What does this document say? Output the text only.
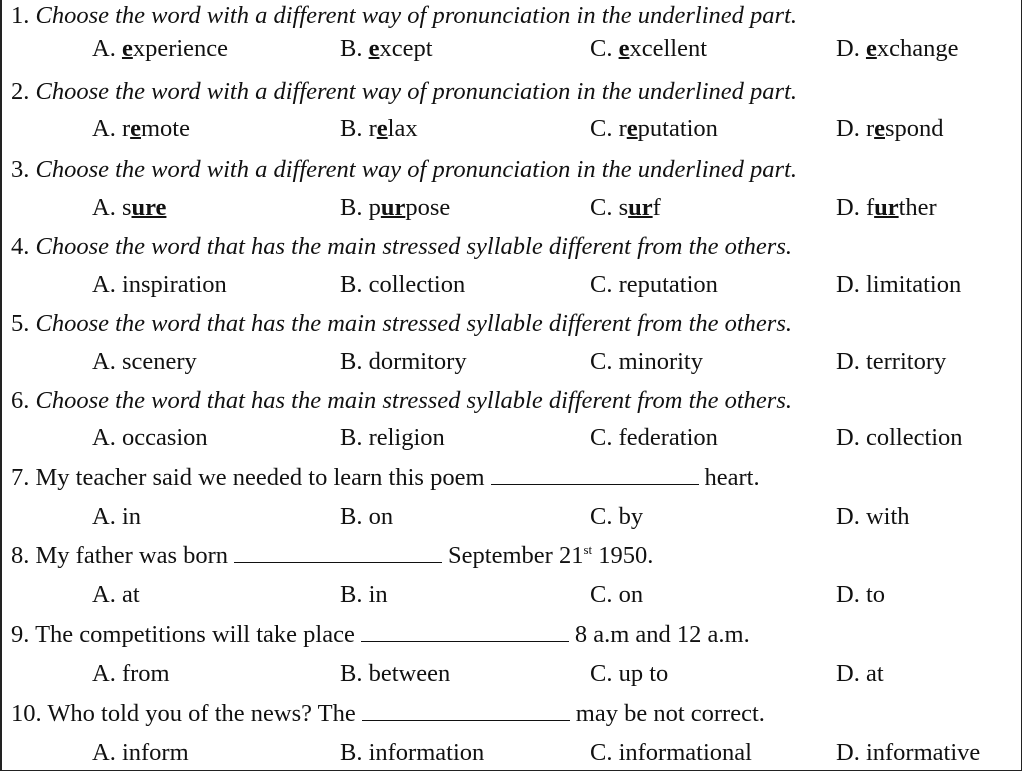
1. Choose the word with a different way of pronunciation in the underlined part.
A. experience	B. except	C. excellent	D. exchange
2. Choose the word with a different way of pronunciation in the underlined part.
A. remote	B. relax	C. reputation	D. respond
3. Choose the word with a different way of pronunciation in the underlined part.
A. sure	B. purpose	C. surf	D. further
4. Choose the word that has the main stressed syllable different from the others.
A. inspiration	B. collection	C. reputation	D. limitation
5. Choose the word that has the main stressed syllable different from the others.
A. scenery	B. dormitory	C. minority	D. territory
6. Choose the word that has the main stressed syllable different from the others.
A. occasion	B. religion	C. federation	D. collection
7. My teacher said we needed to learn this poem	heart.
A. in	B. on	C. by	D. with
8. My father was born	September 21st 1950.
A. at	B. in	C. on	D. to
9. The competitions will take place	8 a.m and 12 a.m.
A. from	B. between	C. up to	D. at
10. Who told you of the news? The	may be not correct.
A. inform	B. information	C. informational	D. informative
